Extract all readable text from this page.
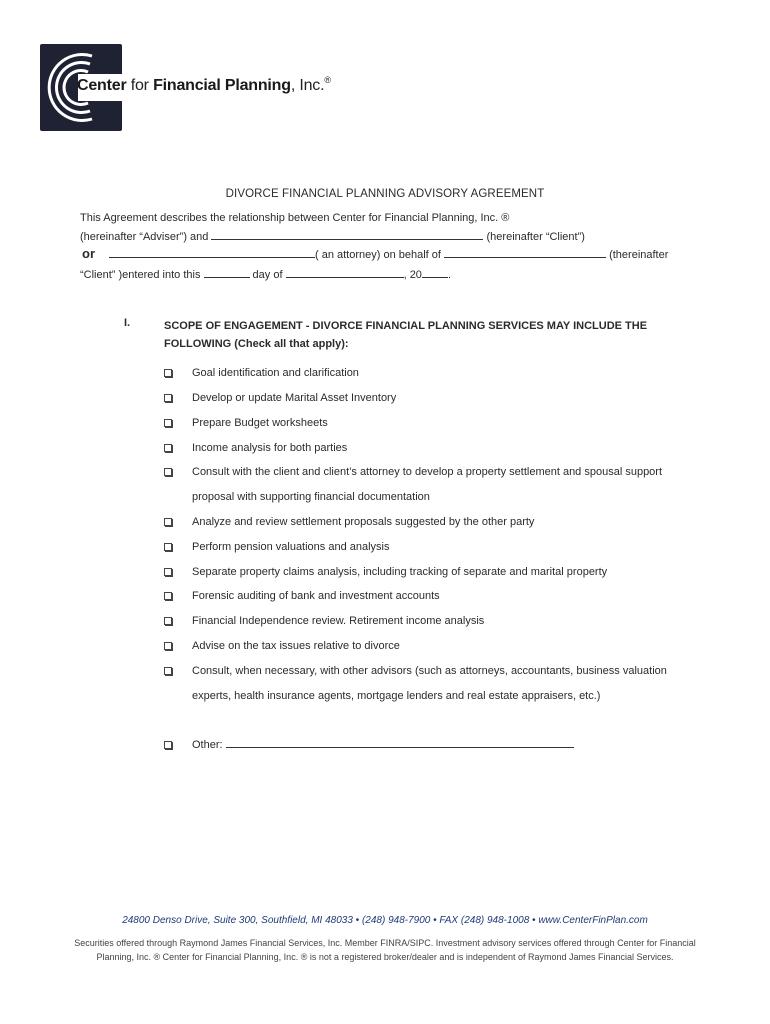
Center for Financial Planning, Inc.®
DIVORCE FINANCIAL PLANNING ADVISORY AGREEMENT
This Agreement describes the relationship between Center for Financial Planning, Inc. ®
(hereinafter “Adviser”) and	(hereinafter “Client”)
or	( an attorney) on behalf of	(thereinafter
“Client” )entered into this	day of	, 20 .
I.	SCOPE OF ENGAGEMENT - DIVORCE FINANCIAL PLANNING SERVICES MAY INCLUDE THE FOLLOWING (Check all that apply):
Goal identification and clarification
Develop or update Marital Asset Inventory
Prepare Budget worksheets
Income analysis for both parties
Consult with the client and client’s attorney to develop a property settlement and spousal support proposal with supporting financial documentation
Analyze and review settlement proposals suggested by the other party
Perform pension valuations and analysis
Separate property claims analysis, including tracking of separate and marital property
Forensic auditing of bank and investment accounts
Financial Independence review. Retirement income analysis
Advise on the tax issues relative to divorce
Consult, when necessary, with other advisors (such as attorneys, accountants, business valuation experts, health insurance agents, mortgage lenders and real estate appraisers, etc.)
Other:
24800 Denso Drive, Suite 300, Southfield, MI 48033 • (248) 948-7900 • FAX (248) 948-1008 • www.CenterFinPlan.com
Securities offered through Raymond James Financial Services, Inc. Member FINRA/SIPC. Investment advisory services offered through Center for Financial Planning, Inc. ® Center for Financial Planning, Inc. ® is not a registered broker/dealer and is independent of Raymond James Financial Services.
